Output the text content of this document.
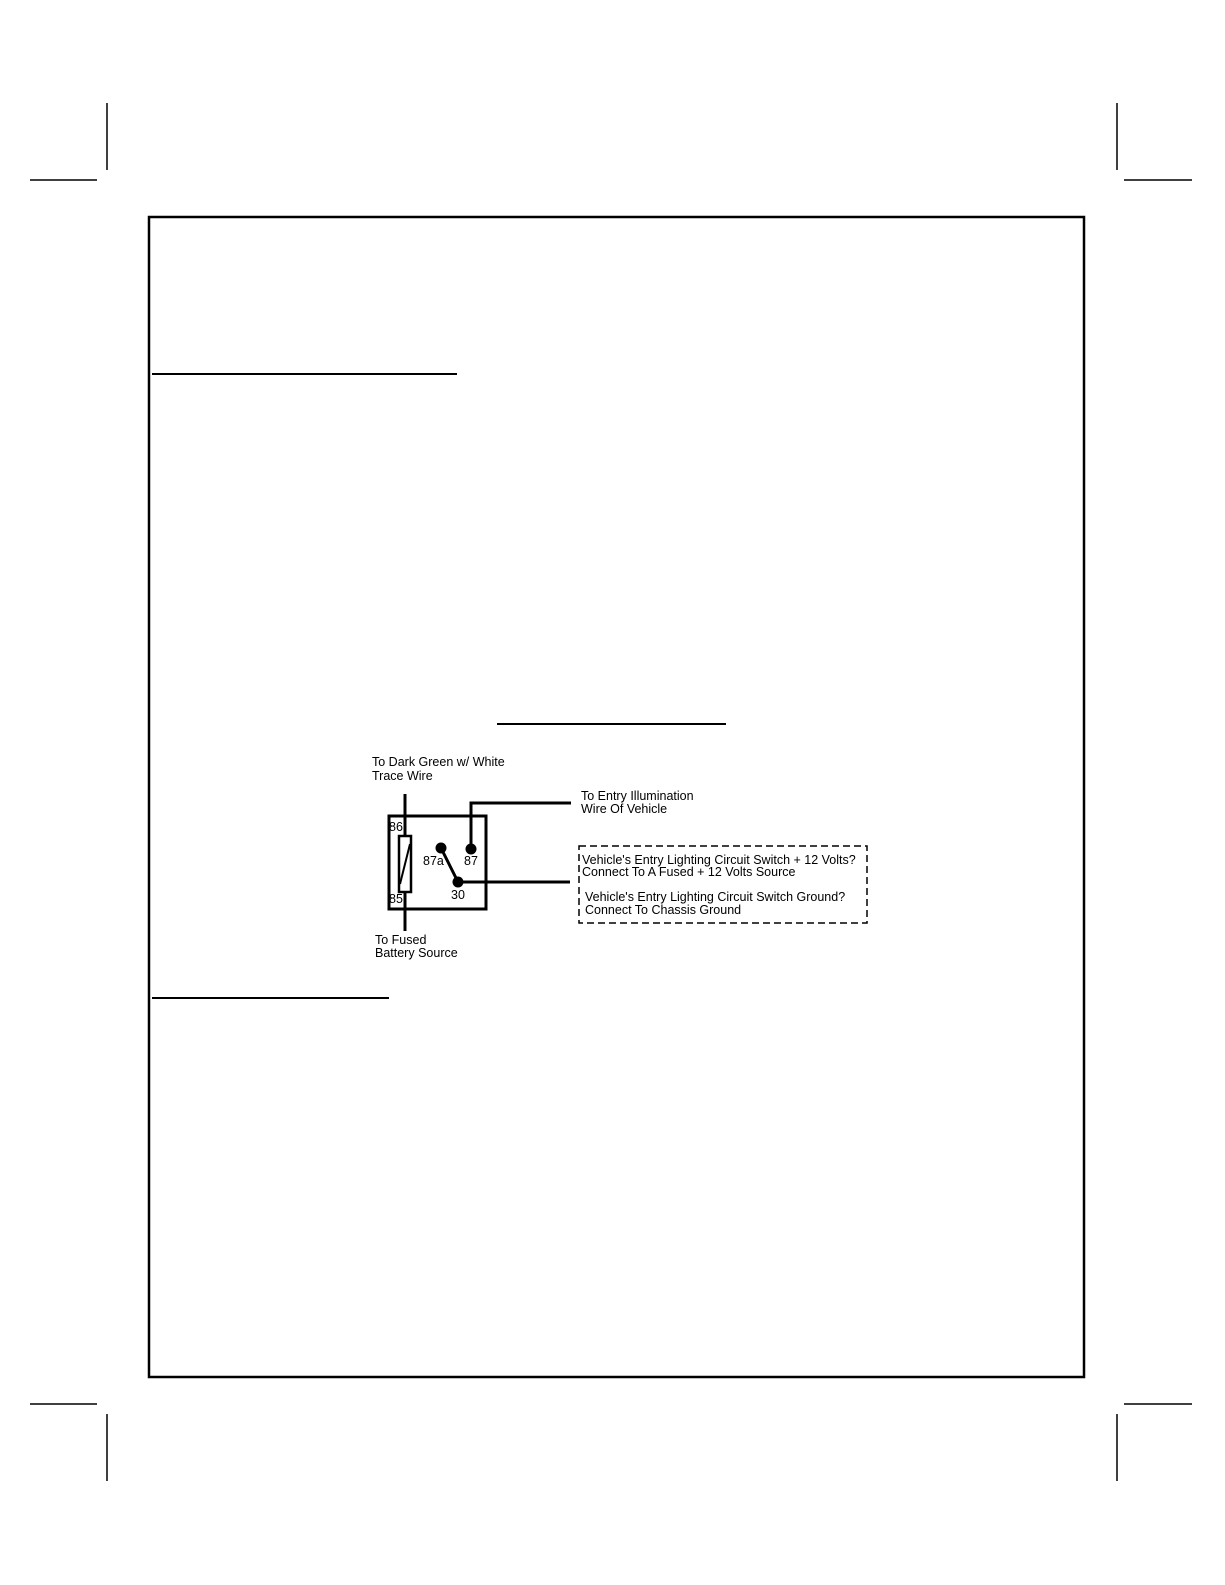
86
85
87a 87
30
To Dark Green w/ White
Trace Wire
To Entry Illumination
Wire Of Vehicle
To Fused
Battery Source
Vehicle's Entry Lighting Circuit Switch + 12 Volts?
Connect To A Fused + 12 Volts Source
Vehicle's Entry Lighting Circuit Switch Ground?
Connect To Chassis Ground
